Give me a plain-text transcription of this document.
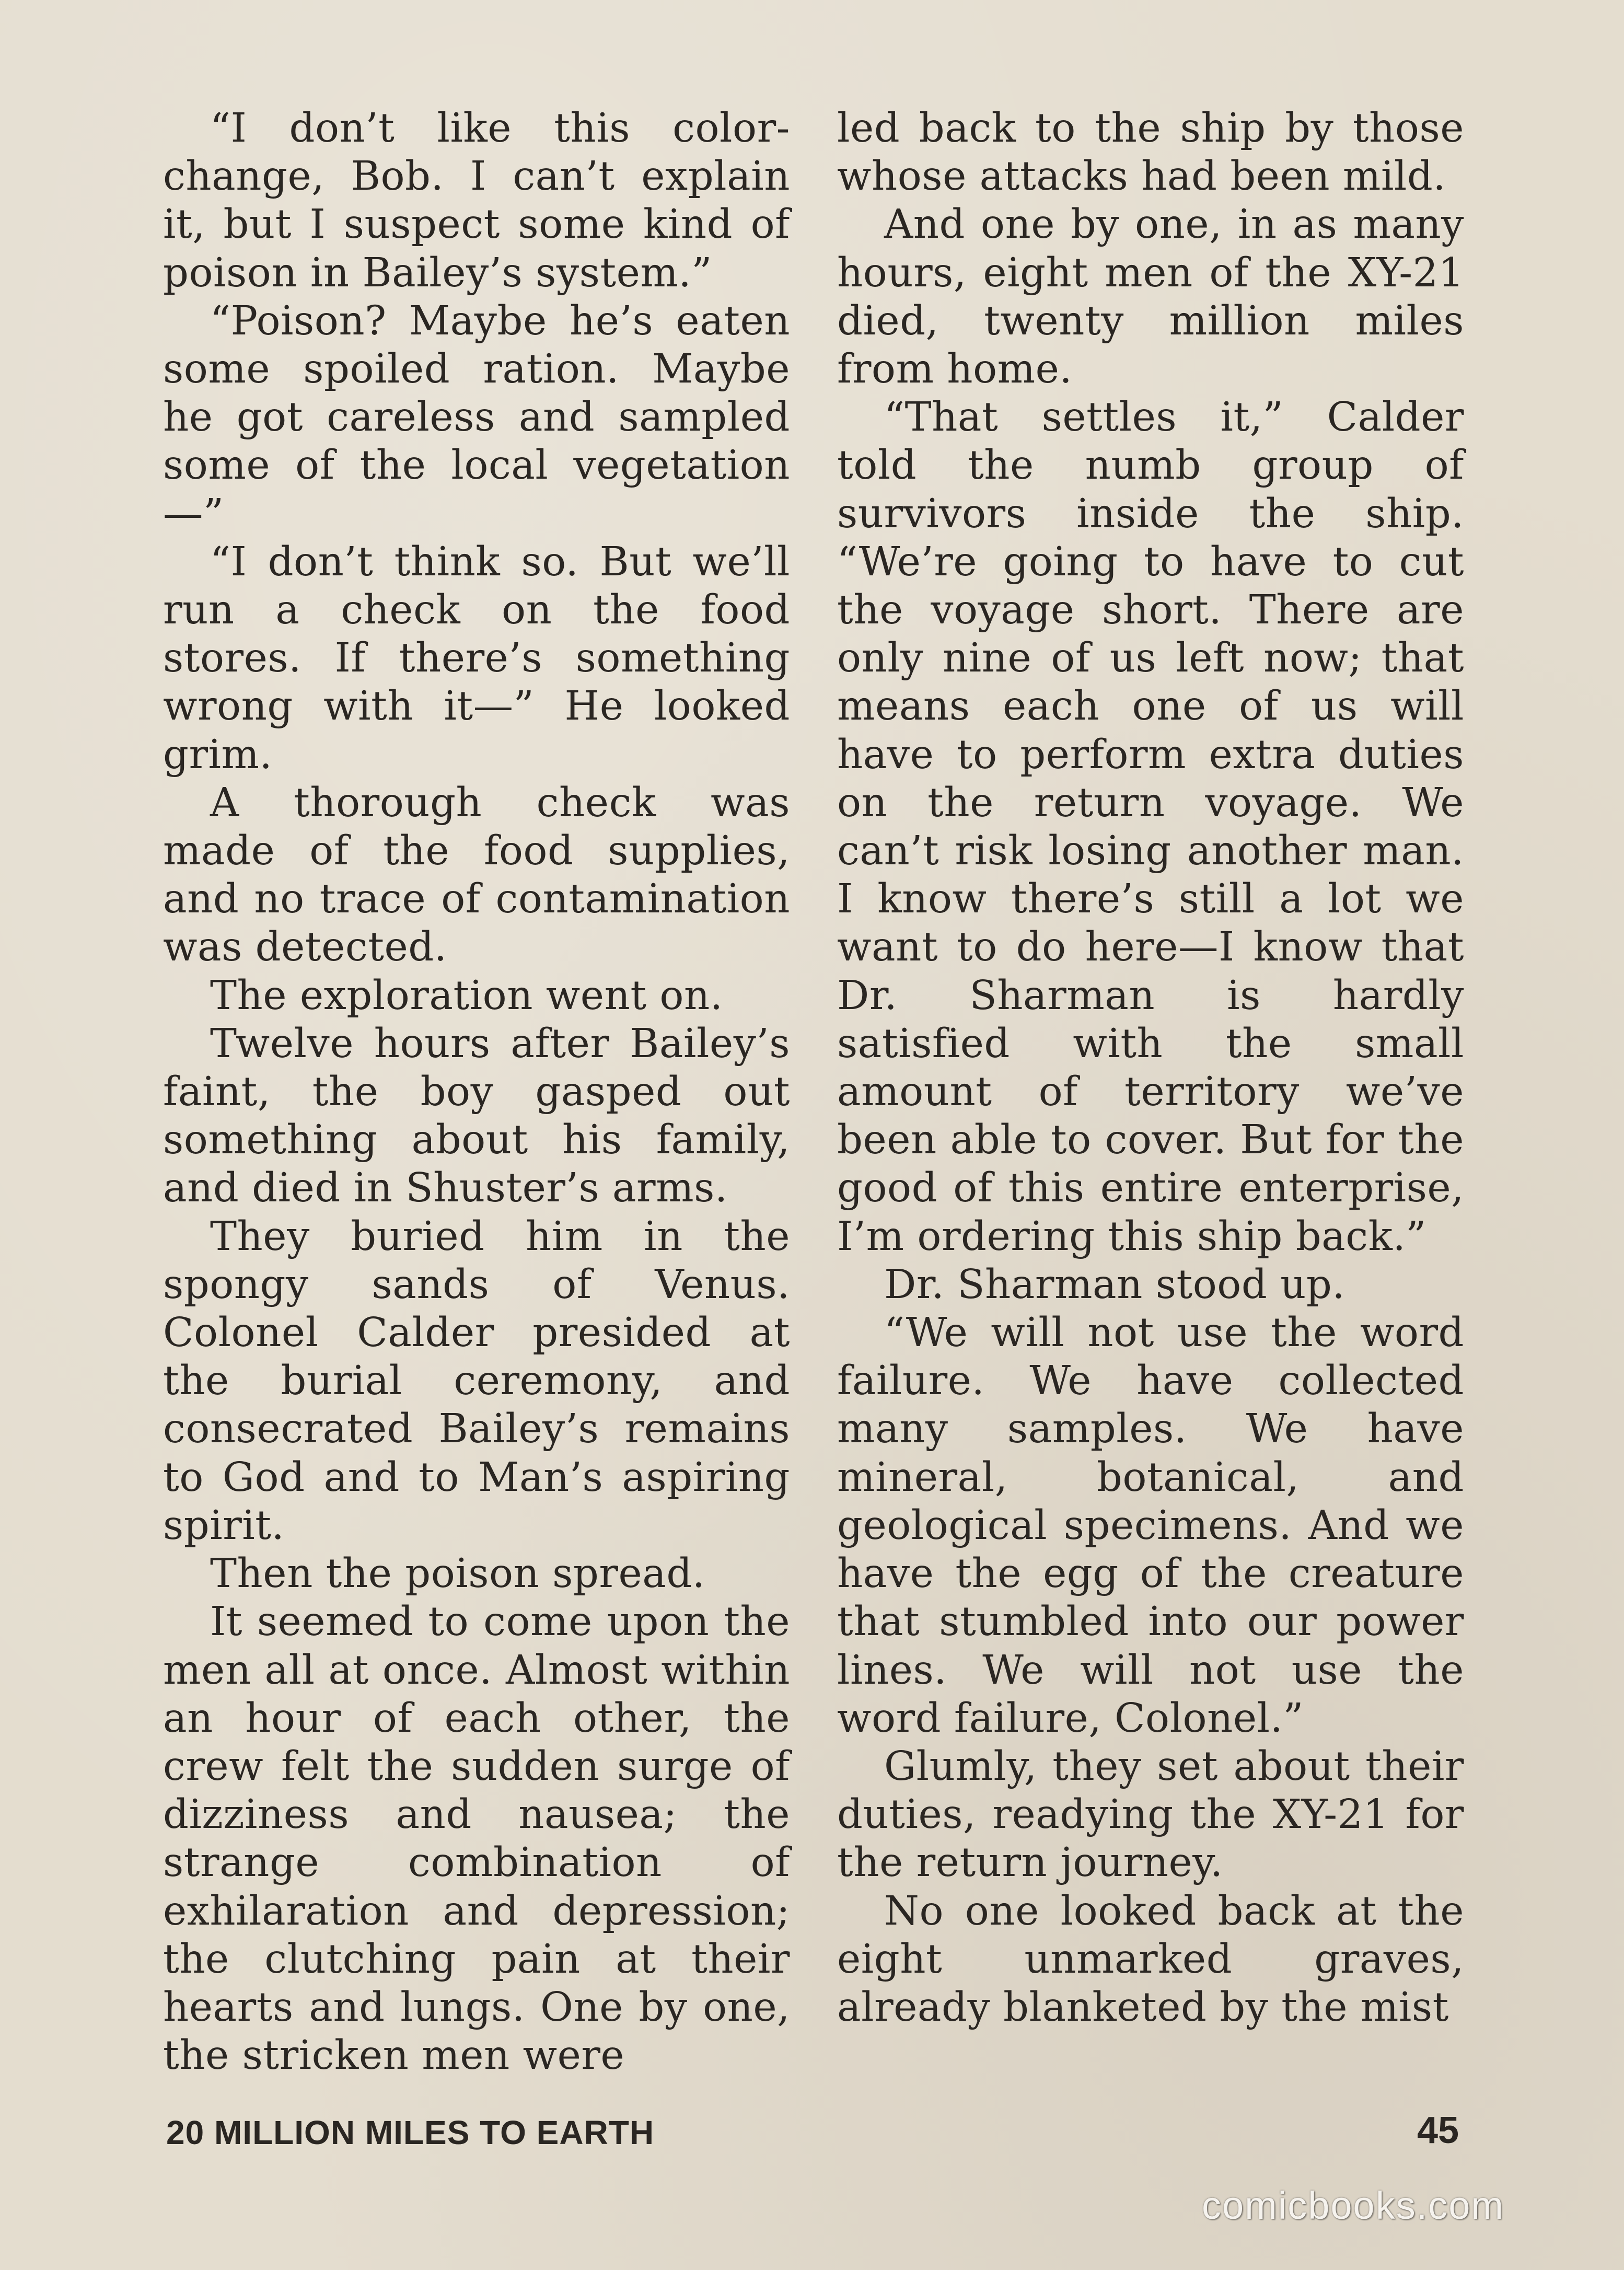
“I don’t like this color-change, Bob. I can’t explain it, but I suspect some kind of poison in Bailey’s system.”

“Poison? Maybe he’s eaten some spoiled ration. Maybe he got careless and sampled some of the local vegetation—”

“I don’t think so. But we’ll run a check on the food stores. If there’s something wrong with it—” He looked grim.

A thorough check was made of the food supplies, and no trace of contamination was detected.

The exploration went on.

Twelve hours after Bailey’s faint, the boy gasped out something about his family, and died in Shuster’s arms.

They buried him in the spongy sands of Venus. Colonel Calder presided at the burial ceremony, and consecrated Bailey’s remains to God and to Man’s aspiring spirit.

Then the poison spread.

It seemed to come upon the men all at once. Almost within an hour of each other, the crew felt the sudden surge of dizziness and nausea; the strange combination of exhilaration and depression; the clutching pain at their hearts and lungs. One by one, the stricken men were

led back to the ship by those whose attacks had been mild.

And one by one, in as many hours, eight men of the XY-21 died, twenty million miles from home.

“That settles it,” Calder told the numb group of survivors inside the ship. “We’re going to have to cut the voyage short. There are only nine of us left now; that means each one of us will have to perform extra duties on the return voyage. We can’t risk losing another man. I know there’s still a lot we want to do here—I know that Dr. Sharman is hardly satisfied with the small amount of territory we’ve been able to cover. But for the good of this entire enterprise, I’m ordering this ship back.”

Dr. Sharman stood up.

“We will not use the word failure. We have collected many samples. We have mineral, botanical, and geological specimens. And we have the egg of the creature that stumbled into our power lines. We will not use the word failure, Colonel.”

Glumly, they set about their duties, readying the XY-21 for the return journey.

No one looked back at the eight unmarked graves, already blanketed by the mist

20 MILLION MILES TO EARTH	45
comicbooks.com
